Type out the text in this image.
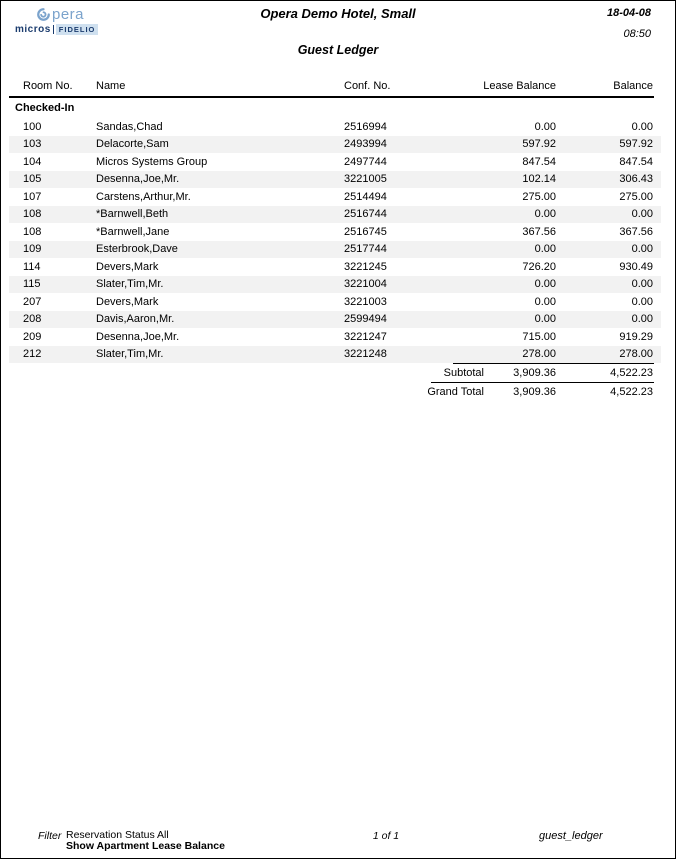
pera
micros	FIDELIO
Opera Demo Hotel, Small	18-04-08
08:50
Guest Ledger
Room No.	Name	Conf. No.	Lease Balance	Balance
Checked-In
100	Sandas,Chad	2516994	0.00	0.00
103	Delacorte,Sam	2493994	597.92	597.92
104	Micros Systems Group	2497744	847.54	847.54
105	Desenna,Joe,Mr.	3221005	102.14	306.43
107	Carstens,Arthur,Mr.	2514494	275.00	275.00
108	*Barnwell,Beth	2516744	0.00	0.00
108	*Barnwell,Jane	2516745	367.56	367.56
109	Esterbrook,Dave	2517744	0.00	0.00
114	Devers,Mark	3221245	726.20	930.49
115	Slater,Tim,Mr.	3221004	0.00	0.00
207	Devers,Mark	3221003	0.00	0.00
208	Davis,Aaron,Mr.	2599494	0.00	0.00
209	Desenna,Joe,Mr.	3221247	715.00	919.29
212	Slater,Tim,Mr.	3221248	278.00	278.00
Subtotal	3,909.36	4,522.23
Grand Total	3,909.36	4,522.23
Filter Reservation Status All
Show Apartment Lease Balance
1 of 1	guest_ledger
